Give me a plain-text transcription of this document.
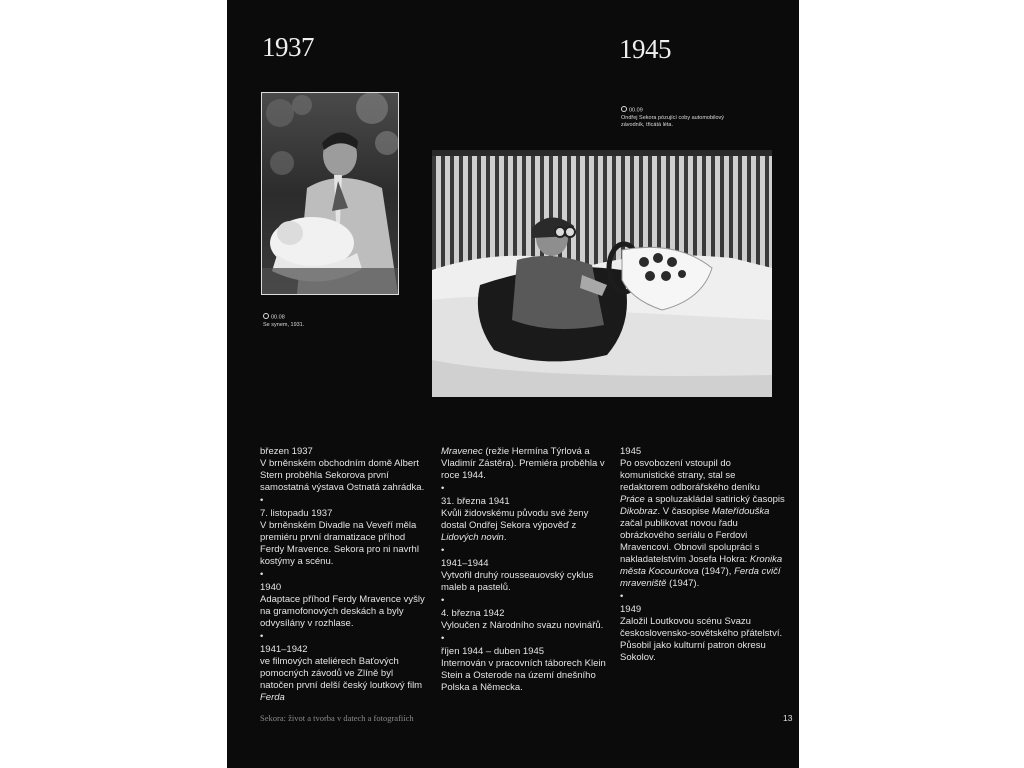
1937	1945
00.08
Se synem, 1931.
00.09
Ondřej Sekora pózující coby automobilový závodník, třicátá léta.

březen 1937

V brněnském obchodním domě Albert Stern proběhla Sekorova první samostatná výstava Ostnatá zahrádka.

•

7. listopadu 1937

V brněnském Divadle na Veveří měla premiéru první dramatizace příhod Ferdy Mravence. Sekora pro ni navrhl kostýmy a scénu.

•

1940

Adaptace příhod Ferdy Mravence vyšly na gramofonových deskách a byly odvysílány v rozhlase.

•

1941–1942

ve filmových ateliérech Baťových pomocných závodů ve Zlíně byl natočen první delší český loutkový film Ferda

Mravenec (režie Hermína Týrlová a Vladimír Zástěra). Premiéra proběhla v roce 1944.

•

31. března 1941

Kvůli židovskému původu své ženy dostal Ondřej Sekora výpověď z Lidových novin.

•

1941–1944

Vytvořil druhý rousseauovský cyklus maleb a pastelů.

•

4. března 1942

Vyloučen z Národního svazu novinářů.

•

říjen 1944 – duben 1945

Internován v pracovních táborech Klein Stein a Osterode na území dnešního Polska a Německa.

1945

Po osvobození vstoupil do komunistické strany, stal se redaktorem odborářského deníku Práce a spoluzakládal satirický časopis Dikobraz. V časopise Mateřídouška začal publikovat novou řadu obrázkového seriálu o Ferdovi Mravencovi. Obnovil spolupráci s nakladatelstvím Josefa Hokra: Kronika města Kocourkova (1947), Ferda cvičí mraveniště (1947).

•

1949

Založil Loutkovou scénu Svazu československo-sovětského přátelství. Působil jako kulturní patron okresu Sokolov.

Sekora: život a tvorba v datech a fotografiích	13
